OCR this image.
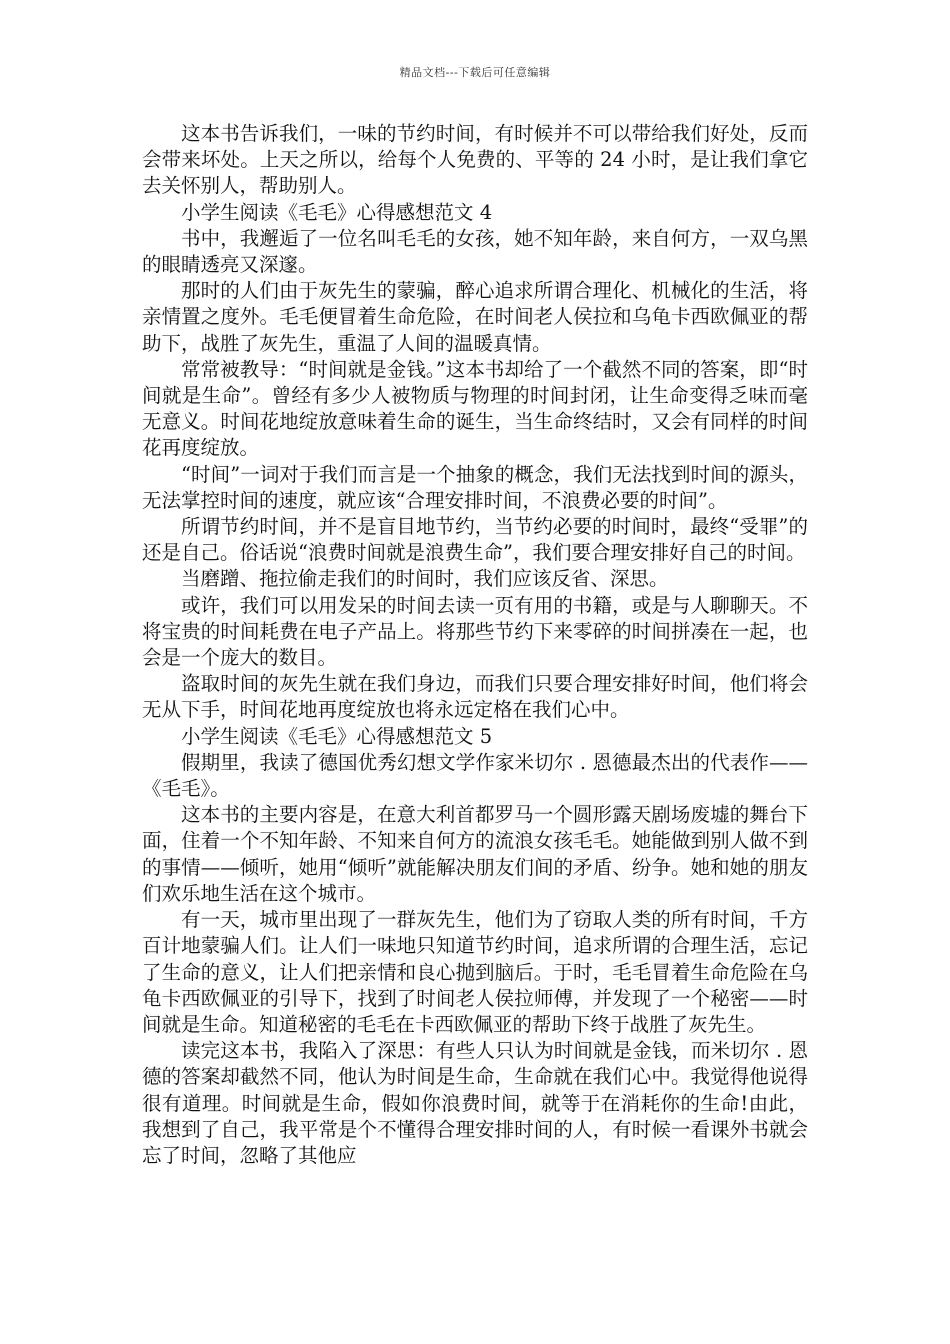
精品文档---下载后可任意编辑

这本书告诉我们，一味的节约时间，有时候并不可以带给我们好处，反而会带来坏处。上天之所以，给每个人免费的、平等的 24 小时，是让我们拿它去关怀别人，帮助别人。

小学生阅读《毛毛》心得感想范文 4

书中，我邂逅了一位名叫毛毛的女孩，她不知年龄，来自何方，一双乌黑的眼睛透亮又深邃。

那时的人们由于灰先生的蒙骗，醉心追求所谓合理化、机械化的生活，将亲情置之度外。毛毛便冒着生命危险，在时间老人侯拉和乌龟卡西欧佩亚的帮助下，战胜了灰先生，重温了人间的温暖真情。

常常被教导：“时间就是金钱。”这本书却给了一个截然不同的答案，即“时间就是生命”。曾经有多少人被物质与物理的时间封闭，让生命变得乏味而毫无意义。时间花地绽放意味着生命的诞生，当生命终结时，又会有同样的时间花再度绽放。

“时间”一词对于我们而言是一个抽象的概念，我们无法找到时间的源头，无法掌控时间的速度，就应该“合理安排时间，不浪费必要的时间”。

所谓节约时间，并不是盲目地节约，当节约必要的时间时，最终“受罪”的还是自己。俗话说“浪费时间就是浪费生命”，我们要合理安排好自己的时间。

当磨蹭、拖拉偷走我们的时间时，我们应该反省、深思。

或许，我们可以用发呆的时间去读一页有用的书籍，或是与人聊聊天。不将宝贵的时间耗费在电子产品上。将那些节约下来零碎的时间拼凑在一起，也会是一个庞大的数目。

盗取时间的灰先生就在我们身边，而我们只要合理安排好时间，他们将会无从下手，时间花地再度绽放也将永远定格在我们心中。

小学生阅读《毛毛》心得感想范文 5

假期里，我读了德国优秀幻想文学作家米切尔 . 恩德最杰出的代表作——《毛毛》。

这本书的主要内容是，在意大利首都罗马一个圆形露天剧场废墟的舞台下面，住着一个不知年龄、不知来自何方的流浪女孩毛毛。她能做到别人做不到的事情——倾听，她用“倾听”就能解决朋友们间的矛盾、纷争。她和她的朋友们欢乐地生活在这个城市。

有一天，城市里出现了一群灰先生，他们为了窃取人类的所有时间，千方百计地蒙骗人们。让人们一味地只知道节约时间，追求所谓的合理生活，忘记了生命的意义，让人们把亲情和良心抛到脑后。于时，毛毛冒着生命危险在乌龟卡西欧佩亚的引导下，找到了时间老人侯拉师傅，并发现了一个秘密——时间就是生命。知道秘密的毛毛在卡西欧佩亚的帮助下终于战胜了灰先生。

读完这本书，我陷入了深思：有些人只认为时间就是金钱，而米切尔 . 恩德的答案却截然不同，他认为时间是生命，生命就在我们心中。我觉得他说得很有道理。时间就是生命，假如你浪费时间，就等于在消耗你的生命!由此，我想到了自己，我平常是个不懂得合理安排时间的人，有时候一看课外书就会忘了时间，忽略了其他应
